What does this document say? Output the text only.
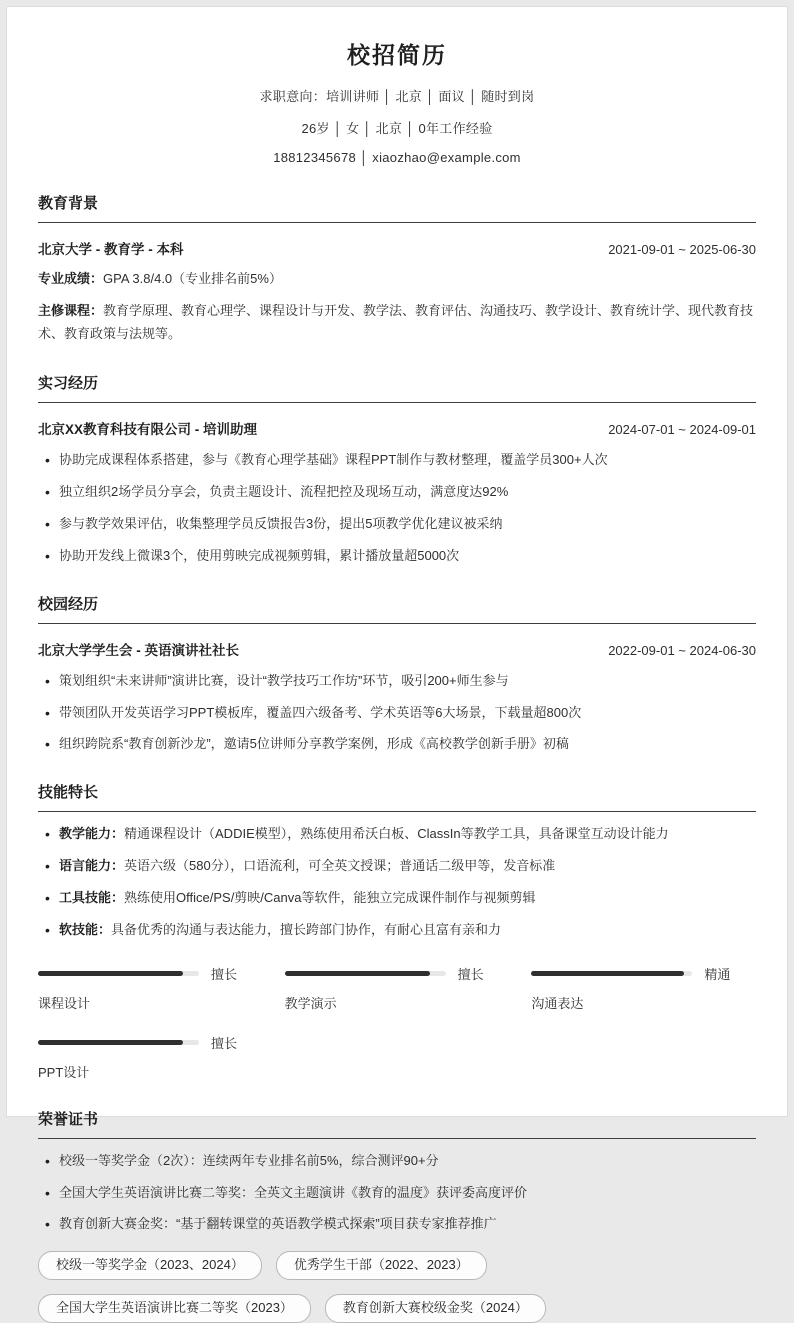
校招简历

求职意向：培训讲师 │ 北京 │ 面议 │ 随时到岗

26岁 │ 女 │ 北京 │ 0年工作经验

18812345678 │ xiaozhao@example.com

教育背景
北京大学 - 教育学 - 本科	2021-09-01 ~ 2025-06-30

专业成绩：GPA 3.8/4.0（专业排名前5%）

主修课程：教育学原理、教育心理学、课程设计与开发、教学法、教育评估、沟通技巧、教学设计、教育统计学、现代教育技术、教育政策与法规等。

实习经历
北京XX教育科技有限公司 - 培训助理	2024-07-01 ~ 2024-09-01
• 协助完成课程体系搭建，参与《教育心理学基础》课程PPT制作与教材整理，覆盖学员300+人次
• 独立组织2场学员分享会，负责主题设计、流程把控及现场互动，满意度达92%
• 参与教学效果评估，收集整理学员反馈报告3份，提出5项教学优化建议被采纳
• 协助开发线上微课3个，使用剪映完成视频剪辑，累计播放量超5000次
校园经历
北京大学学生会 - 英语演讲社社长	2022-09-01 ~ 2024-06-30
• 策划组织“未来讲师”演讲比赛，设计“教学技巧工作坊”环节，吸引200+师生参与
• 带领团队开发英语学习PPT模板库，覆盖四六级备考、学术英语等6大场景，下载量超800次
• 组织跨院系“教育创新沙龙”，邀请5位讲师分享教学案例，形成《高校教学创新手册》初稿
技能特长
• 教学能力：精通课程设计（ADDIE模型），熟练使用希沃白板、ClassIn等教学工具，具备课堂互动设计能力
• 语言能力：英语六级（580分），口语流利，可全英文授课；普通话二级甲等，发音标准
• 工具技能：熟练使用Office/PS/剪映/Canva等软件，能独立完成课件制作与视频剪辑
• 软技能：具备优秀的沟通与表达能力，擅长跨部门协作，有耐心且富有亲和力
擅长
课程设计
擅长
教学演示
精通
沟通表达
擅长
PPT设计
荣誉证书
• 校级一等奖学金（2次）：连续两年专业排名前5%，综合测评90+分
• 全国大学生英语演讲比赛二等奖：全英文主题演讲《教育的温度》获评委高度评价
• 教育创新大赛金奖：“基于翻转课堂的英语教学模式探索”项目获专家推荐推广
校级一等奖学金（2023、2024）	优秀学生干部（2022、2023）
全国大学生英语演讲比赛二等奖（2023）	教育创新大赛校级金奖（2024）
